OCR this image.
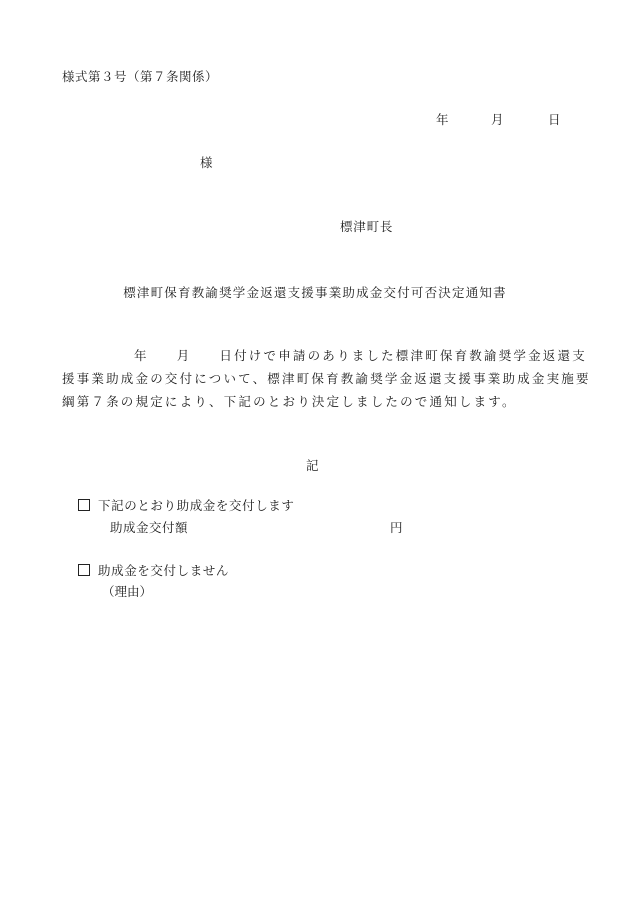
様式第３号（第７条関係）
年	月	日
様
標津町長
標津町保育教諭奨学金返還支援事業助成金交付可否決定通知書
年 月 日付けで申請のありました標津町保育教諭奨学金返還支
援事業助成金の交付について、標津町保育教諭奨学金返還支援事業助成金実施要
綱第７条の規定により、下記のとおり決定しましたので通知します。
記
下記のとおり助成金を交付します
助成金交付額	円
助成金を交付しません
（理由）
